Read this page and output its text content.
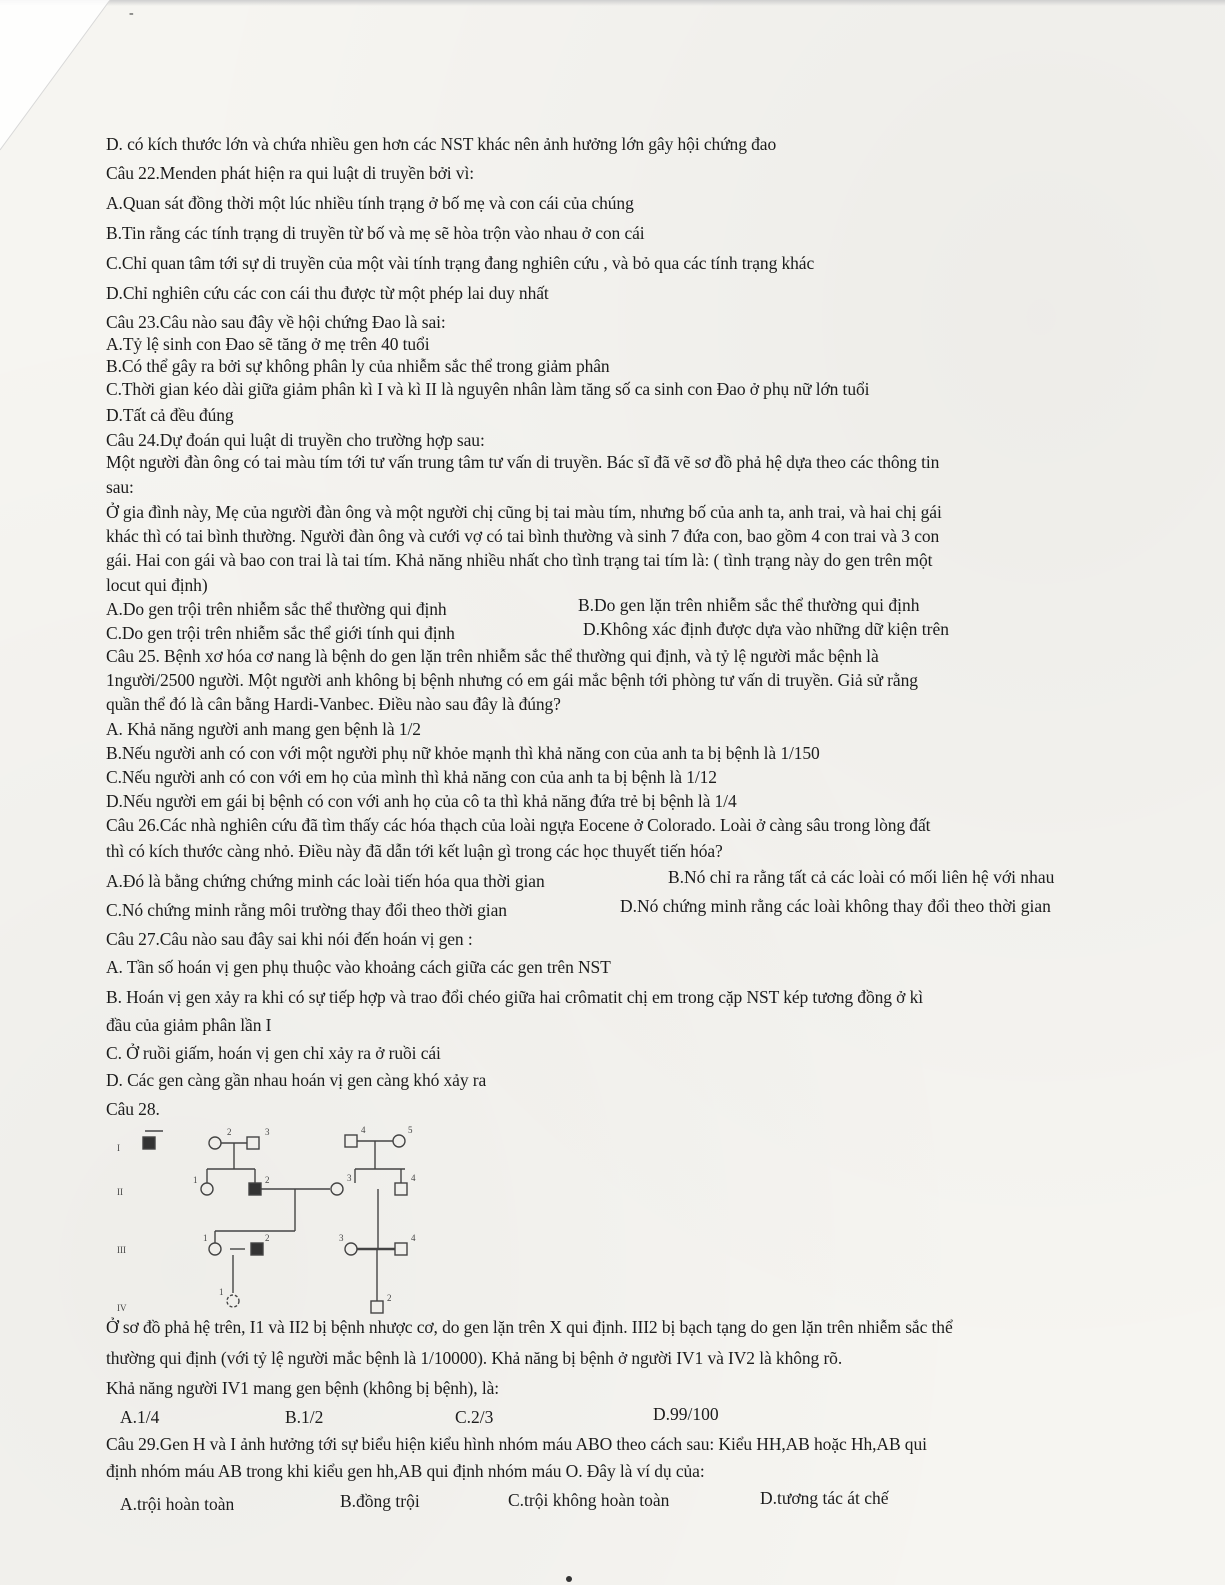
-
D. có kích thước lớn và chứa nhiều gen hơn các NST khác nên ảnh hưởng lớn gây hội chứng đao
Câu 22.Menden phát hiện ra qui luật di truyền bởi vì:
A.Quan sát đồng thời một lúc nhiều tính trạng ở bố mẹ và con cái của chúng
B.Tin rằng các tính trạng di truyền từ bố và mẹ sẽ hòa trộn vào nhau ở con cái
C.Chỉ quan tâm tới sự di truyền của một vài tính trạng đang nghiên cứu , và bỏ qua các tính trạng khác
D.Chỉ nghiên cứu các con cái thu được từ một phép lai duy nhất
Câu 23.Câu nào sau đây về hội chứng Đao là sai:
A.Tỷ lệ sinh con Đao sẽ tăng ở mẹ trên 40 tuổi
B.Có thể gây ra bởi sự không phân ly của nhiễm sắc thể trong giảm phân
C.Thời gian kéo dài giữa giảm phân kì I và kì II là nguyên nhân làm tăng số ca sinh con Đao ở phụ nữ lớn tuổi
D.Tất cả đều đúng
Câu 24.Dự đoán qui luật di truyền cho trường hợp sau:
Một người đàn ông có tai màu tím tới tư vấn trung tâm tư vấn di truyền. Bác sĩ đã vẽ sơ đồ phả hệ dựa theo các thông tin
sau:
Ở gia đình này, Mẹ của người đàn ông và một người chị cũng bị tai màu tím, nhưng bố của anh ta, anh trai, và hai chị gái
khác thì có tai bình thường. Người đàn ông và cưới vợ có tai bình thường và sinh 7 đứa con, bao gồm 4 con trai và 3 con
gái. Hai con gái và bao con trai là tai tím. Khả năng nhiều nhất cho tình trạng tai tím là: ( tình trạng này do gen trên một
locut qui định)
A.Do gen trội trên nhiễm sắc thể thường qui định	B.Do gen lặn trên nhiễm sắc thể thường qui định
C.Do gen trội trên nhiễm sắc thể giới tính qui định	D.Không xác định được dựa vào những dữ kiện trên
Câu 25. Bệnh xơ hóa cơ nang là bệnh do gen lặn trên nhiễm sắc thể thường qui định, và tỷ lệ người mắc bệnh là
1người/2500 người. Một người anh không bị bệnh nhưng có em gái mắc bệnh tới phòng tư vấn di truyền. Giả sử rằng
quần thể đó là cân bằng Hardi-Vanbec. Điều nào sau đây là đúng?
A. Khả năng người anh mang gen bệnh là 1/2
B.Nếu người anh có con với một người phụ nữ khỏe mạnh thì khả năng con của anh ta bị bệnh là 1/150
C.Nếu người anh có con với em họ của mình thì khả năng con của anh ta bị bệnh là 1/12
D.Nếu người em gái bị bệnh có con với anh họ của cô ta thì khả năng đứa trẻ bị bệnh là 1/4
Câu 26.Các nhà nghiên cứu đã tìm thấy các hóa thạch của loài ngựa Eocene ở Colorado. Loài ở càng sâu trong lòng đất
thì có kích thước càng nhỏ. Điều này đã dẫn tới kết luận gì trong các học thuyết tiến hóa?
A.Đó là bằng chứng chứng minh các loài tiến hóa qua thời gian	B.Nó chỉ ra rằng tất cả các loài có mối liên hệ với nhau
C.Nó chứng minh rằng môi trường thay đổi theo thời gian	D.Nó chứng minh rằng các loài không thay đổi theo thời gian
Câu 27.Câu nào sau đây sai khi nói đến hoán vị gen :
A. Tần số hoán vị gen phụ thuộc vào khoảng cách giữa các gen trên NST
B. Hoán vị gen xảy ra khi có sự tiếp hợp và trao đổi chéo giữa hai crômatit chị em trong cặp NST kép tương đồng ở kì
đầu của giảm phân lần I
C. Ở ruồi giấm, hoán vị gen chỉ xảy ra ở ruồi cái
D. Các gen càng gần nhau hoán vị gen càng khó xảy ra
Câu 28.
I
II
III
IV
2	3	4	5
1	2	3	4
1	2	3	4
1
2
Ở sơ đồ phả hệ trên, I1 và II2 bị bệnh nhược cơ, do gen lặn trên X qui định. III2 bị bạch tạng do gen lặn trên nhiễm sắc thể
thường qui định (với tỷ lệ người mắc bệnh là 1/10000). Khả năng bị bệnh ở người IV1 và IV2 là không rõ.
Khả năng người IV1 mang gen bệnh (không bị bệnh), là:
A.1/4	B.1/2	C.2/3	D.99/100
Câu 29.Gen H và I ảnh hưởng tới sự biểu hiện kiểu hình nhóm máu ABO theo cách sau: Kiểu HH,AB hoặc Hh,AB qui
định nhóm máu AB trong khi kiểu gen hh,AB qui định nhóm máu O. Đây là ví dụ của:
A.trội hoàn toàn	B.đồng trội	C.trội không hoàn toàn	D.tương tác át chế
